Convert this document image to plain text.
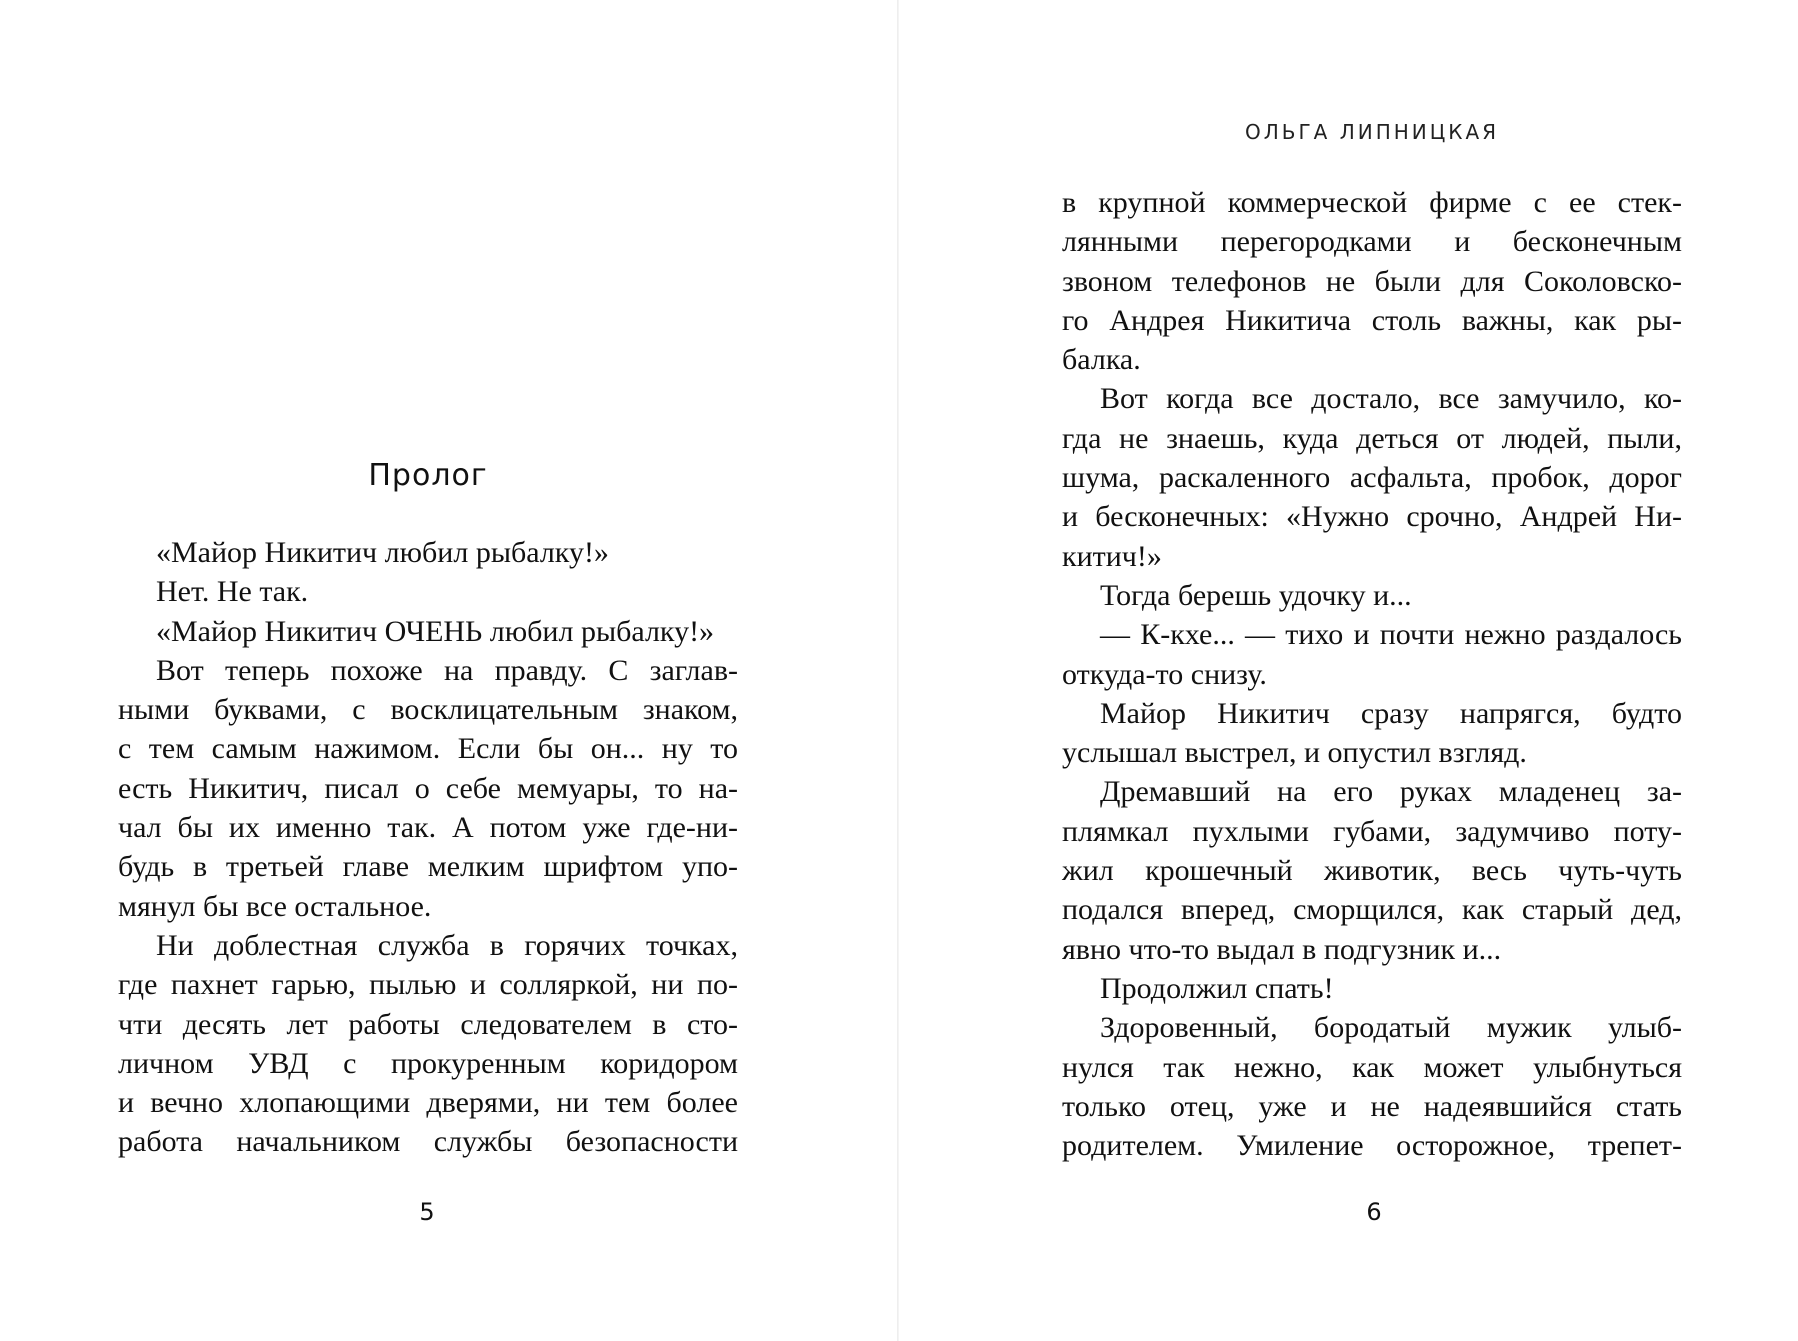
ОЛЬГА ЛИПНИЦКАЯ
Пролог
«Майор Никитич любил рыбалку!»
Нет. Не так.
«Майор Никитич ОЧЕНЬ любил рыбалку!»
Вот теперь похоже на правду. С заглав-
ными буквами, с восклицательным знаком,
с тем самым нажимом. Если бы он... ну то
есть Никитич, писал о себе мемуары, то на-
чал бы их именно так. А потом уже где-ни-
будь в третьей главе мелким шрифтом упо-
мянул бы все остальное.
Ни доблестная служба в горячих точках,
где пахнет гарью, пылью и солляркой, ни по-
чти десять лет работы следователем в сто-
личном УВД с прокуренным коридором
и вечно хлопающими дверями, ни тем более
работа начальником службы безопасности
в крупной коммерческой фирме с ее стек-
лянными перегородками и бесконечным
звоном телефонов не были для Соколовско-
го Андрея Никитича столь важны, как ры-
балка.
Вот когда все достало, все замучило, ко-
гда не знаешь, куда деться от людей, пыли,
шума, раскаленного асфальта, пробок, дорог
и бесконечных: «Нужно срочно, Андрей Ни-
китич!»
Тогда берешь удочку и...
— К-кхе... — тихо и почти нежно раздалось
откуда-то снизу.
Майор Никитич сразу напрягся, будто
услышал выстрел, и опустил взгляд.
Дремавший на его руках младенец за-
плямкал пухлыми губами, задумчиво поту-
жил крошечный животик, весь чуть-чуть
подался вперед, сморщился, как старый дед,
явно что-то выдал в подгузник и...
Продолжил спать!
Здоровенный, бородатый мужик улыб-
нулся так нежно, как может улыбнуться
только отец, уже и не надеявшийся стать
родителем. Умиление осторожное, трепет-
5	6
